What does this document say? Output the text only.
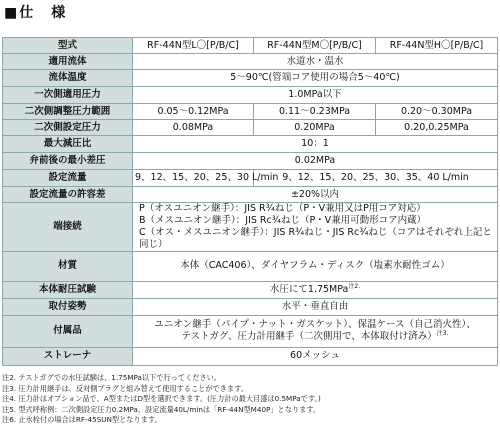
■仕　様
型式	RF-44N型L〇[P/B/C]	RF-44N型M〇[P/B/C]	RF-44N型H〇[P/B/C]
適用流体	水道水・温水		
流体温度	5～90℃(管端コア使用の場合5～40℃)		
一次側適用圧力	1.0MPa以下		
二次側調整圧力範囲	0.05～0.12MPa	0.11～0.23MPa	0.20～0.30MPa
二次側設定圧力	0.08MPa	0.20MPa	0.20,0.25MPa
最大減圧比	10：1		
弁前後の最小差圧	0.02MPa		
設定流量	9、12、15、20、25、30 L/min	9、12、15、20、25、30、35、40 L/min	
設定流量の許容差	±20%以内		
端接続	P（オスユニオン継手）：JIS R¾ねじ（P・V兼用又はP用コア対応）
B（メスユニオン継手）：JIS Rc¾ねじ（P・V兼用可動形コア内蔵）
C（オス・メスユニオン継手）：JIS R¾ねじ・JIS Rc¾ねじ（コアはそれぞれ上記と同じ）		

材質	本体（CAC406）、ダイヤフラム・ディスク（塩素水耐性ゴム）		
本体耐圧試験	水圧にて1.75MPa$^{注2.}$
取付姿勢	水平・垂直自由		
付属品	ユニオン継手（パイプ・ナット・ガスケット）、保温ケース（自己消火性）、
テストガグ、圧力計用継手（二次側用で、本体取付け済み）$^{注3.}$

ストレーナ	60メッシュ		
注2. テストガグでの水圧試験は、1.75MPa以下で行ってください。
注3. 圧力計用継手は、反対側プラグと組み替えて使用することができます。
注4. 圧力計はオプション品で、A型またはD型を選択できます。(圧力計の最大目盛は0.5MPaです。)
注5. 型式呼称例：二次側設定圧力0.2MPa、設定流量40L/minは「RF-44N型M40P」となります。
注6. 止水栓付の場合はRF-45SUN型となります。
